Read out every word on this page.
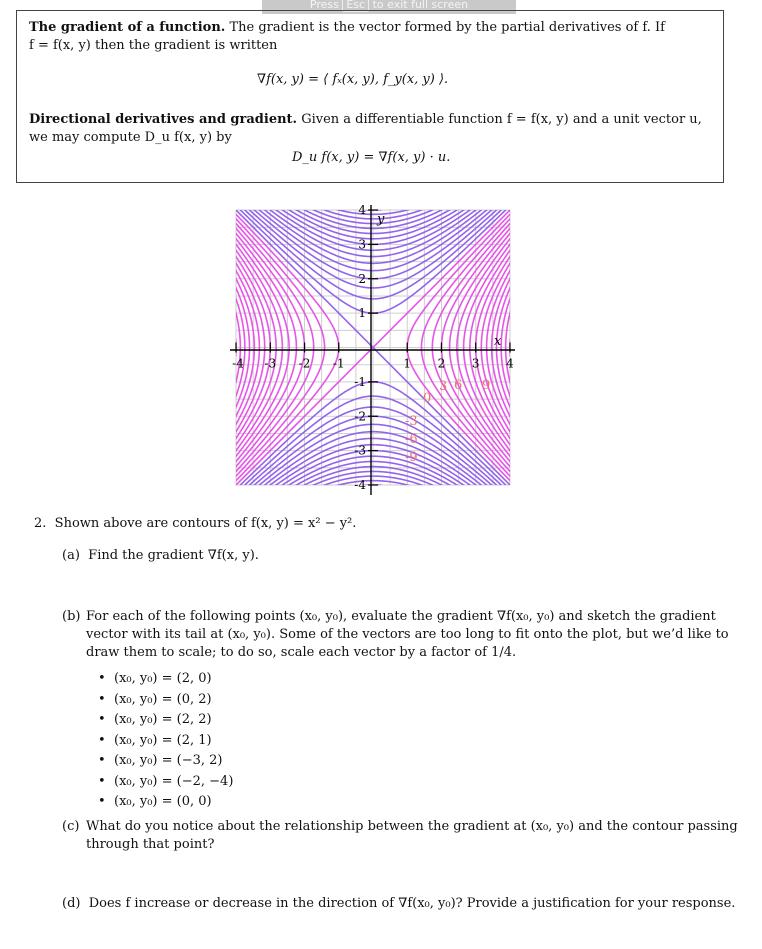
Press Esc to exit full screen
The gradient of a function. The gradient is the vector formed by the partial derivatives of f. If
f = f(x, y) then the gradient is written
∇f(x, y) = ⟨ fₓ(x, y), f_y(x, y) ⟩.
Directional derivatives and gradient. Given a differentiable function f = f(x, y) and a unit vector u,
we may compute D_u f(x, y) by
D_u f(x, y) = ∇f(x, y) · u.
-4 -3 -2 -1	1 2 3 4
4
3
2
1
-1
-2
-3
-4
x
y
0
3 6 9
-3
-6
-9
2. Shown above are contours of f(x, y) = x² − y².
(a) Find the gradient ∇f(x, y).
(b) For each of the following points (x₀, y₀), evaluate the gradient ∇f(x₀, y₀) and sketch the gradient
vector with its tail at (x₀, y₀). Some of the vectors are too long to fit onto the plot, but we’d like to
draw them to scale; to do so, scale each vector by a factor of 1/4.
• (x₀, y₀) = (2, 0)
• (x₀, y₀) = (0, 2)
• (x₀, y₀) = (2, 2)
• (x₀, y₀) = (2, 1)
• (x₀, y₀) = (−3, 2)
• (x₀, y₀) = (−2, −4)
• (x₀, y₀) = (0, 0)
(c) What do you notice about the relationship between the gradient at (x₀, y₀) and the contour passing
through that point?
(d) Does f increase or decrease in the direction of ∇f(x₀, y₀)? Provide a justification for your response.
